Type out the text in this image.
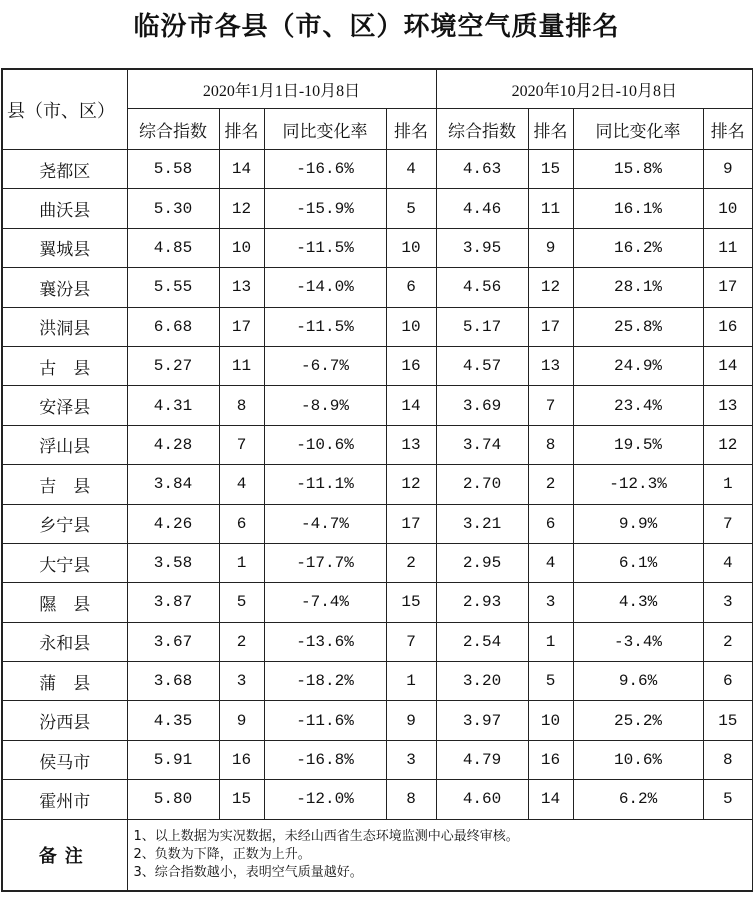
临汾市各县（市、区）环境空气质量排名
县（市、区）	2020年1月1日-10月8日				2020年10月2日-10月8日			
	综合指数	排名	同比变化率	排名	综合指数	排名	同比变化率	排名
尧都区	5.58	14	-16.6%	4	4.63	15	15.8%	9
曲沃县	5.30	12	-15.9%	5	4.46	11	16.1%	10
翼城县	4.85	10	-11.5%	10	3.95	9	16.2%	11
襄汾县	5.55	13	-14.0%	6	4.56	12	28.1%	17
洪洞县	6.68	17	-11.5%	10	5.17	17	25.8%	16
古　县	5.27	11	-6.7%	16	4.57	13	24.9%	14
安泽县	4.31	8	-8.9%	14	3.69	7	23.4%	13
浮山县	4.28	7	-10.6%	13	3.74	8	19.5%	12
吉　县	3.84	4	-11.1%	12	2.70	2	-12.3%	1
乡宁县	4.26	6	-4.7%	17	3.21	6	9.9%	7
大宁县	3.58	1	-17.7%	2	2.95	4	6.1%	4
隰　县	3.87	5	-7.4%	15	2.93	3	4.3%	3
永和县	3.67	2	-13.6%	7	2.54	1	-3.4%	2
蒲　县	3.68	3	-18.2%	1	3.20	5	9.6%	6
汾西县	4.35	9	-11.6%	9	3.97	10	25.2%	15
侯马市	5.91	16	-16.8%	3	4.79	16	10.6%	8
霍州市	5.80	15	-12.0%	8	4.60	14	6.2%	5
备注	1、以上数据为实况数据，未经山西省生态环境监测中心最终审核。
2、负数为下降，正数为上升。
3、综合指数越小，表明空气质量越好。							
